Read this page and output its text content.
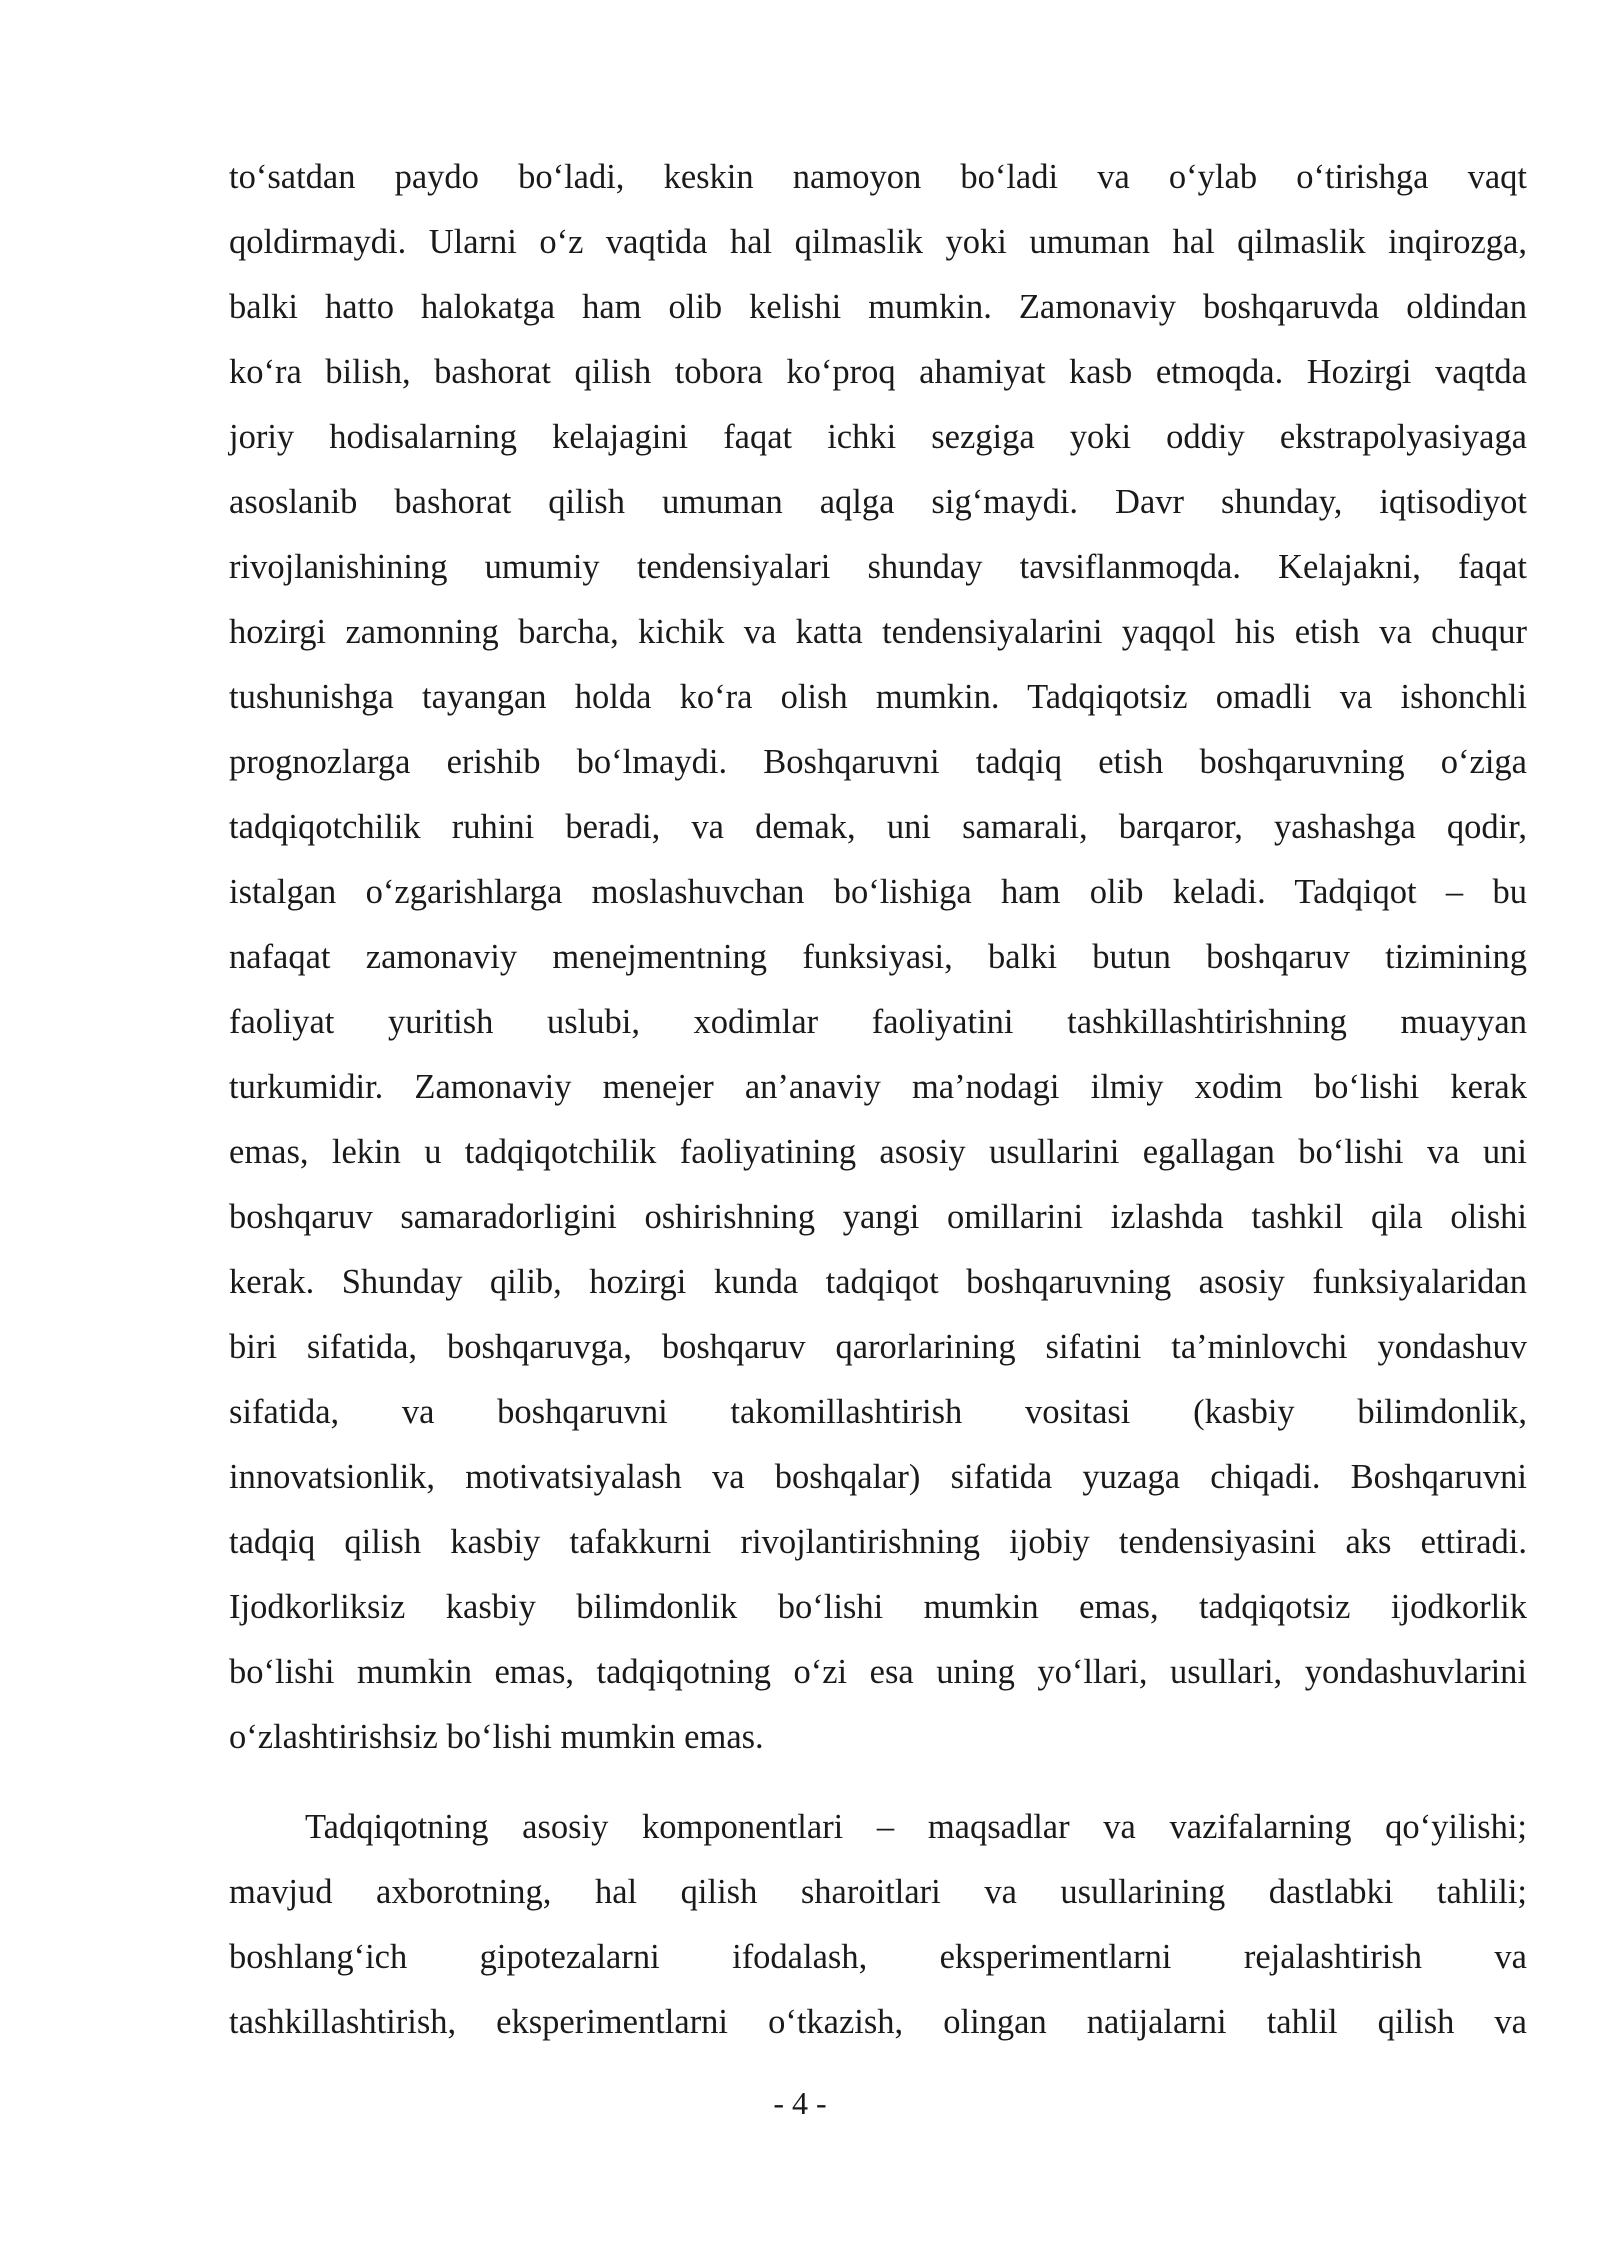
to‘satdan paydo bo‘ladi, keskin namoyon bo‘ladi va o‘ylab o‘tirishga vaqt
qoldirmaydi. Ularni o‘z vaqtida hal qilmaslik yoki umuman hal qilmaslik inqirozga,
balki hatto halokatga ham olib kelishi mumkin. Zamonaviy boshqaruvda oldindan
ko‘ra bilish, bashorat qilish tobora ko‘proq ahamiyat kasb etmoqda. Hozirgi vaqtda
joriy hodisalarning kelajagini faqat ichki sezgiga yoki oddiy ekstrapolyasiyaga
asoslanib bashorat qilish umuman aqlga sig‘maydi. Davr shunday, iqtisodiyot
rivojlanishining umumiy tendensiyalari shunday tavsiflanmoqda. Kelajakni, faqat
hozirgi zamonning barcha, kichik va katta tendensiyalarini yaqqol his etish va chuqur
tushunishga tayangan holda ko‘ra olish mumkin. Tadqiqotsiz omadli va ishonchli
prognozlarga erishib bo‘lmaydi. Boshqaruvni tadqiq etish boshqaruvning o‘ziga
tadqiqotchilik ruhini beradi, va demak, uni samarali, barqaror, yashashga qodir,
istalgan o‘zgarishlarga moslashuvchan bo‘lishiga ham olib keladi. Tadqiqot – bu
nafaqat zamonaviy menejmentning funksiyasi, balki butun boshqaruv tizimining
faoliyat yuritish uslubi, xodimlar faoliyatini tashkillashtirishning muayyan
turkumidir. Zamonaviy menejer an’anaviy ma’nodagi ilmiy xodim bo‘lishi kerak
emas, lekin u tadqiqotchilik faoliyatining asosiy usullarini egallagan bo‘lishi va uni
boshqaruv samaradorligini oshirishning yangi omillarini izlashda tashkil qila olishi
kerak. Shunday qilib, hozirgi kunda tadqiqot boshqaruvning asosiy funksiyalaridan
biri sifatida, boshqaruvga, boshqaruv qarorlarining sifatini ta’minlovchi yondashuv
sifatida, va boshqaruvni takomillashtirish vositasi (kasbiy bilimdonlik,
innovatsionlik, motivatsiyalash va boshqalar) sifatida yuzaga chiqadi. Boshqaruvni
tadqiq qilish kasbiy tafakkurni rivojlantirishning ijobiy tendensiyasini aks ettiradi.
Ijodkorliksiz kasbiy bilimdonlik bo‘lishi mumkin emas, tadqiqotsiz ijodkorlik
bo‘lishi mumkin emas, tadqiqotning o‘zi esa uning yo‘llari, usullari, yondashuvlarini
o‘zlashtirishsiz bo‘lishi mumkin emas.
Tadqiqotning asosiy komponentlari – maqsadlar va vazifalarning qo‘yilishi;
mavjud axborotning, hal qilish sharoitlari va usullarining dastlabki tahlili;
boshlang‘ich gipotezalarni ifodalash, eksperimentlarni rejalashtirish va
tashkillashtirish, eksperimentlarni o‘tkazish, olingan natijalarni tahlil qilish va
- 4 -
